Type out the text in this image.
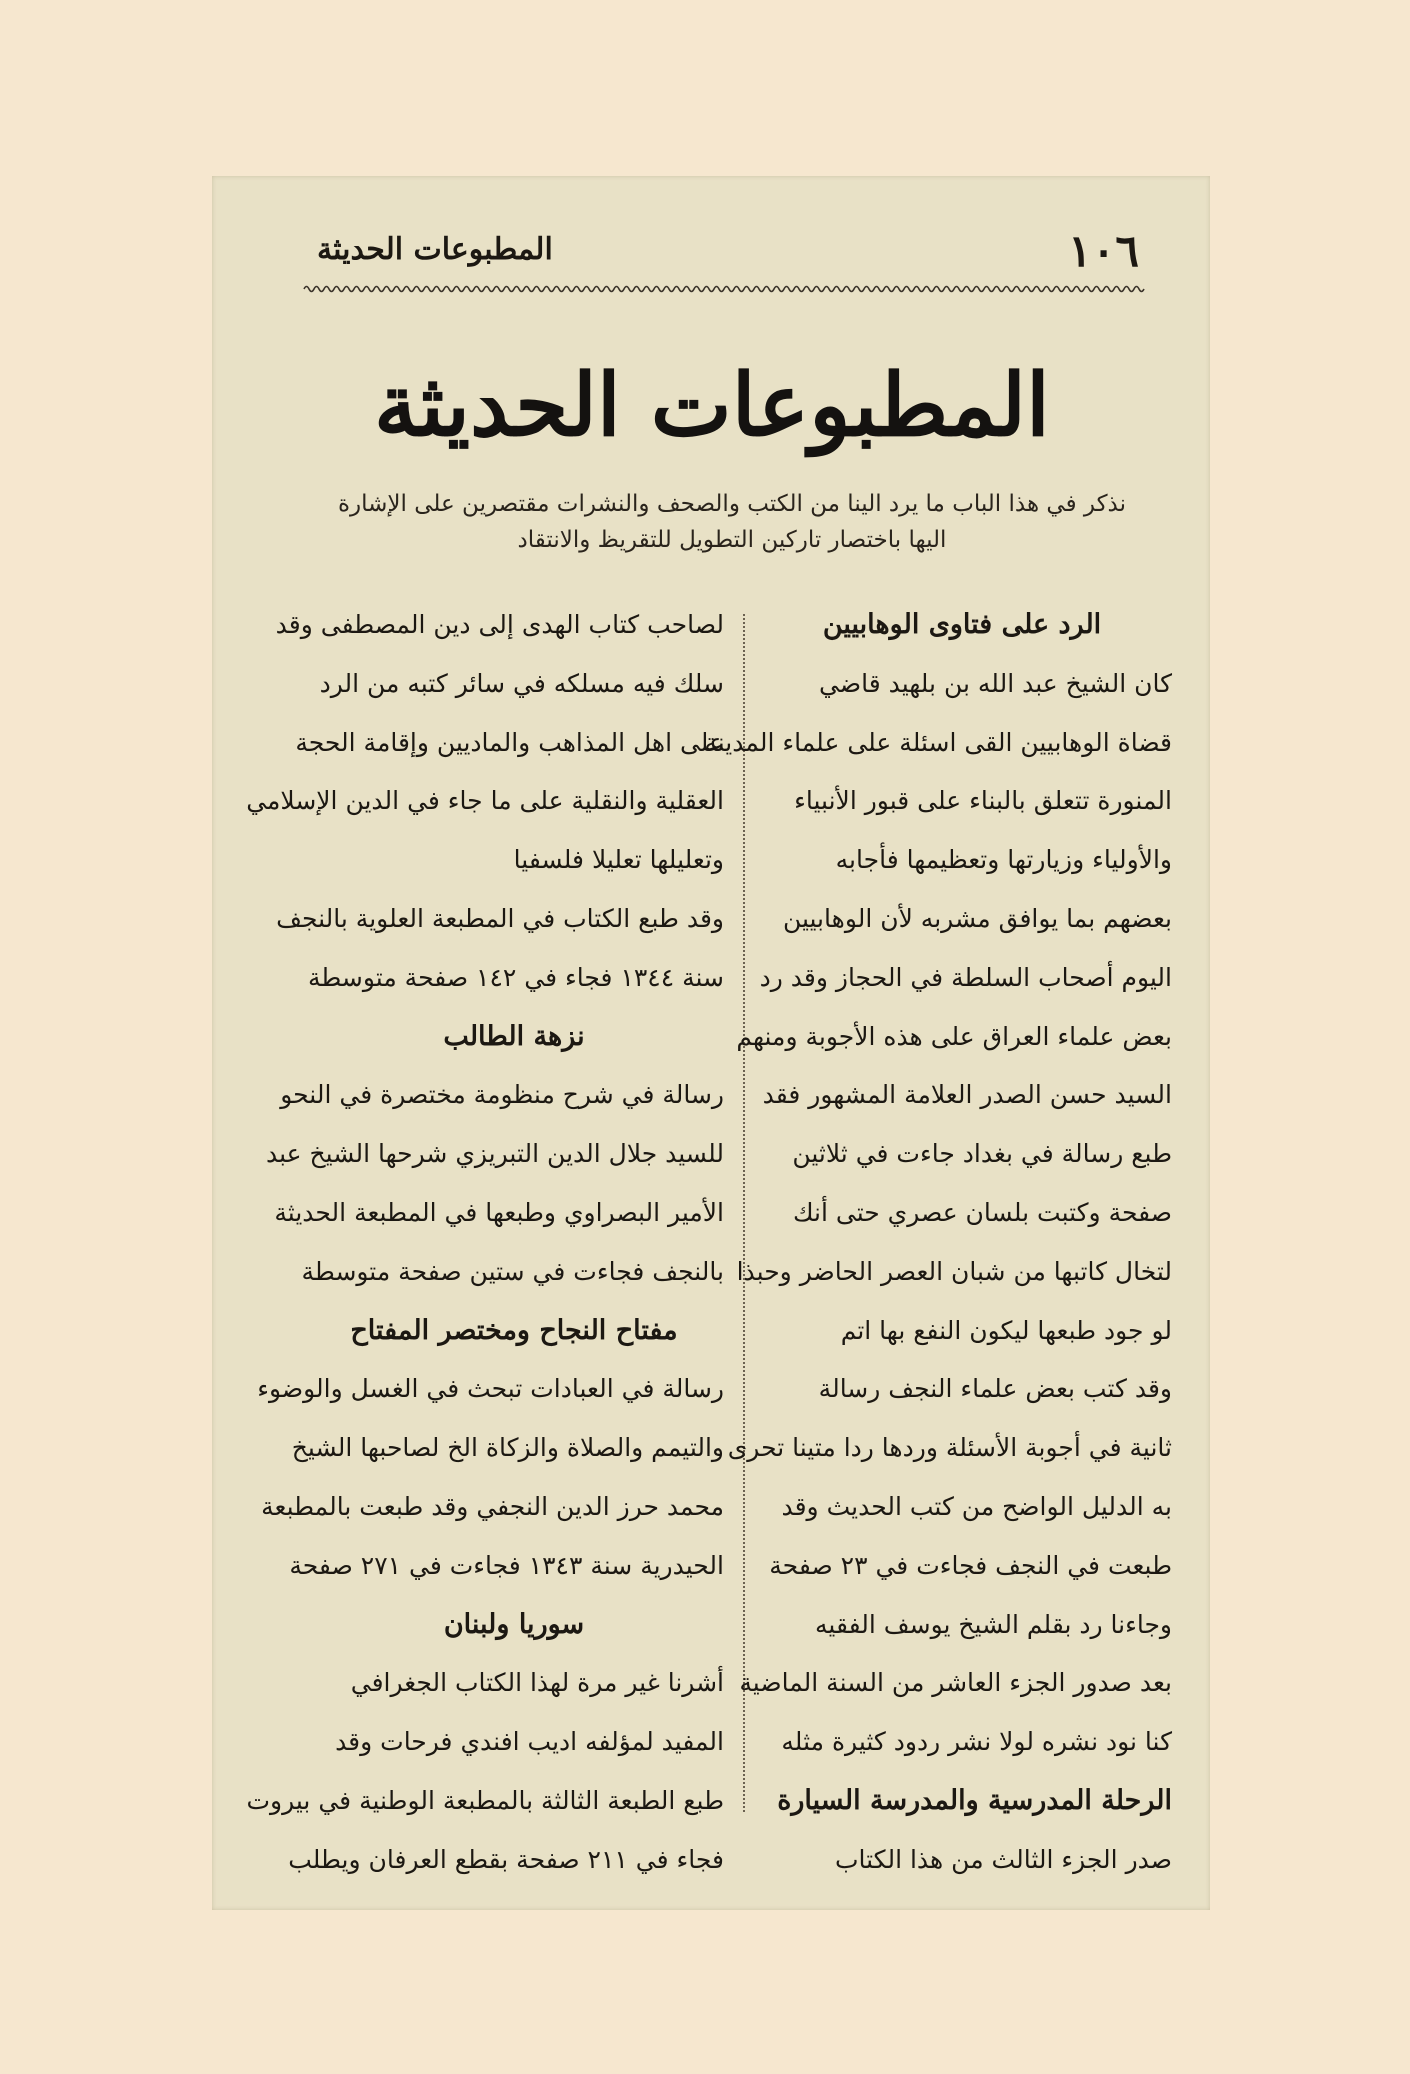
١٠٦
المطبوعات الحديثة
المطبوعات الحديثة
نذكر في هذا الباب ما يرد الينا من الكتب والصحف والنشرات مقتصرين على الإشارة
اليها باختصار تاركين التطويل للتقريظ والانتقاد
الرد على فتاوى الوهابيين
كان الشيخ عبد الله بن بلهيد قاضي
قضاة الوهابيين القى اسئلة على علماء المدينة
المنورة تتعلق بالبناء على قبور الأنبياء
والأولياء وزيارتها وتعظيمها فأجابه
بعضهم بما يوافق مشربه لأن الوهابيين
اليوم أصحاب السلطة في الحجاز وقد رد
بعض علماء العراق على هذه الأجوبة ومنهم
السيد حسن الصدر العلامة المشهور فقد
طبع رسالة في بغداد جاءت في ثلاثين
صفحة وكتبت بلسان عصري حتى أنك
لتخال كاتبها من شبان العصر الحاضر وحبذا
لو جود طبعها ليكون النفع بها اتم
وقد كتب بعض علماء النجف رسالة
ثانية في أجوبة الأسئلة وردها ردا متينا تحرى
به الدليل الواضح من كتب الحديث وقد
طبعت في النجف فجاءت في ٢٣ صفحة
وجاءنا رد بقلم الشيخ يوسف الفقيه
بعد صدور الجزء العاشر من السنة الماضية
كنا نود نشره لولا نشر ردود كثيرة مثله
الرحلة المدرسية والمدرسة السيارة
صدر الجزء الثالث من هذا الكتاب
لصاحب كتاب الهدى إلى دين المصطفى وقد
سلك فيه مسلكه في سائر كتبه من الرد
على اهل المذاهب والماديين وإقامة الحجة
العقلية والنقلية على ما جاء في الدين الإسلامي
وتعليلها تعليلا فلسفيا
وقد طبع الكتاب في المطبعة العلوية بالنجف
سنة ١٣٤٤ فجاء في ١٤٢ صفحة متوسطة
نزهة الطالب
رسالة في شرح منظومة مختصرة في النحو
للسيد جلال الدين التبريزي شرحها الشيخ عبد
الأمير البصراوي وطبعها في المطبعة الحديثة
بالنجف فجاءت في ستين صفحة متوسطة
مفتاح النجاح ومختصر المفتاح
رسالة في العبادات تبحث في الغسل والوضوء
والتيمم والصلاة والزكاة الخ لصاحبها الشيخ
محمد حرز الدين النجفي وقد طبعت بالمطبعة
الحيدرية سنة ١٣٤٣ فجاءت في ٢٧١ صفحة
سوريا ولبنان
أشرنا غير مرة لهذا الكتاب الجغرافي
المفيد لمؤلفه اديب افندي فرحات وقد
طبع الطبعة الثالثة بالمطبعة الوطنية في بيروت
فجاء في ٢١١ صفحة بقطع العرفان ويطلب
